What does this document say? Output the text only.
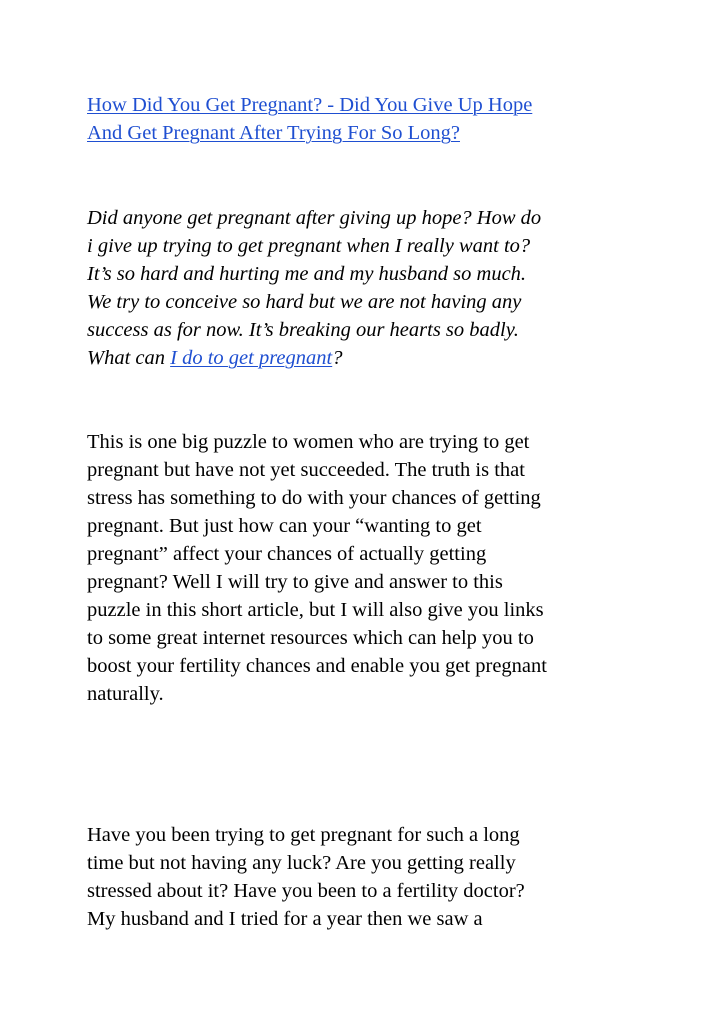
How Did You Get Pregnant? - Did You Give Up Hope
And Get Pregnant After Trying For So Long?

Did anyone get pregnant after giving up hope? How do

i give up trying to get pregnant when I really want to?

It’s so hard and hurting me and my husband so much.

We try to conceive so hard but we are not having any

success as for now. It’s breaking our hearts so badly.

What can I do to get pregnant?

This is one big puzzle to women who are trying to get

pregnant but have not yet succeeded. The truth is that

stress has something to do with your chances of getting

pregnant. But just how can your “wanting to get

pregnant” affect your chances of actually getting

pregnant? Well I will try to give and answer to this

puzzle in this short article, but I will also give you links

to some great internet resources which can help you to

boost your fertility chances and enable you get pregnant

naturally.

Have you been trying to get pregnant for such a long

time but not having any luck? Are you getting really

stressed about it? Have you been to a fertility doctor?

My husband and I tried for a year then we saw a
